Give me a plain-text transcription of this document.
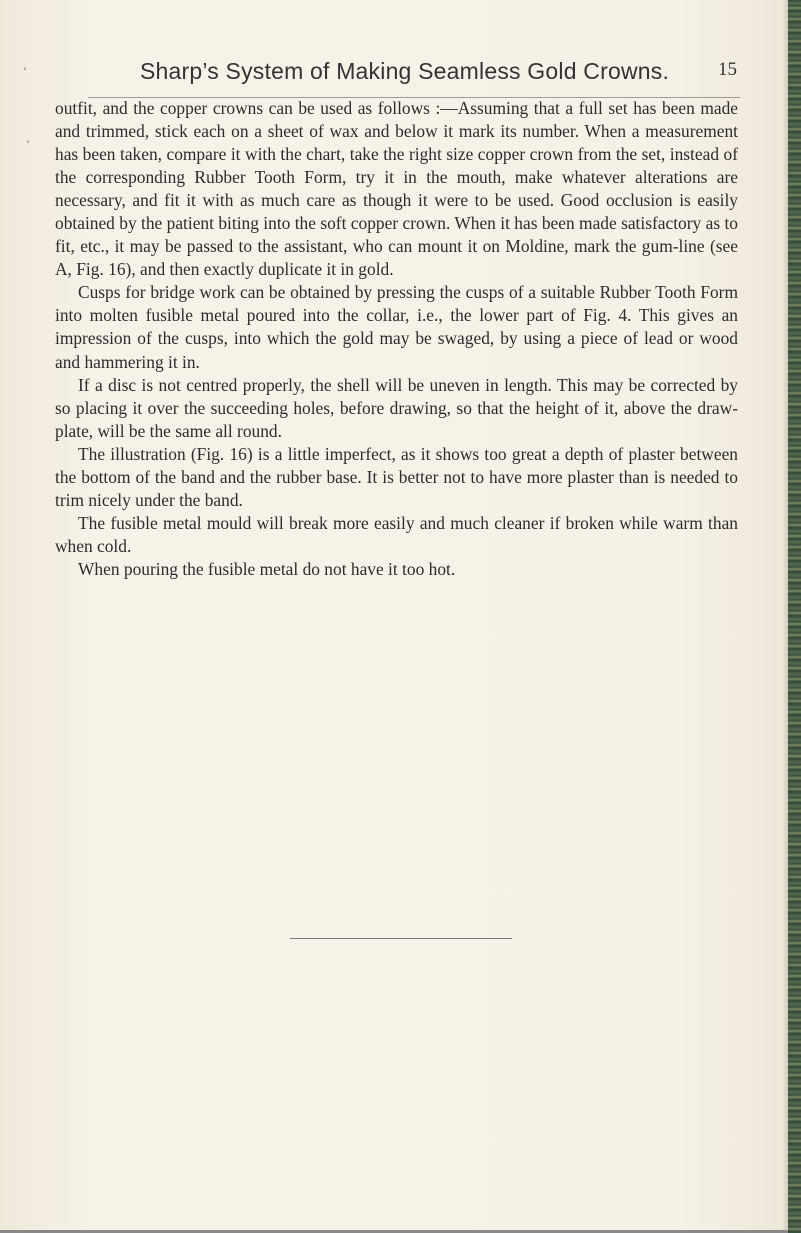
‘
‘
Sharp’s System of Making Seamless Gold Crowns.	15

outfit, and the copper crowns can be used as follows :—Assuming that a full set has been made and trimmed, stick each on a sheet of wax and below it mark its number. When a measurement has been taken, compare it with the chart, take the right size copper crown from the set, instead of the corresponding Rubber Tooth Form, try it in the mouth, make whatever alterations are necessary, and fit it with as much care as though it were to be used. Good occlusion is easily obtained by the patient biting into the soft copper crown. When it has been made satisfactory as to fit, etc., it may be passed to the assistant, who can mount it on Moldine, mark the gum-line (see A, Fig. 16), and then exactly duplicate it in gold.

Cusps for bridge work can be obtained by pressing the cusps of a suitable Rubber Tooth Form into molten fusible metal poured into the collar, i.e., the lower part of Fig. 4. This gives an impression of the cusps, into which the gold may be swaged, by using a piece of lead or wood and hammering it in.

If a disc is not centred properly, the shell will be uneven in length. This may be corrected by so placing it over the succeeding holes, before drawing, so that the height of it, above the draw-plate, will be the same all round.

The illustration (Fig. 16) is a little imperfect, as it shows too great a depth of plaster between the bottom of the band and the rubber base. It is better not to have more plaster than is needed to trim nicely under the band.

The fusible metal mould will break more easily and much cleaner if broken while warm than when cold.

When pouring the fusible metal do not have it too hot.
